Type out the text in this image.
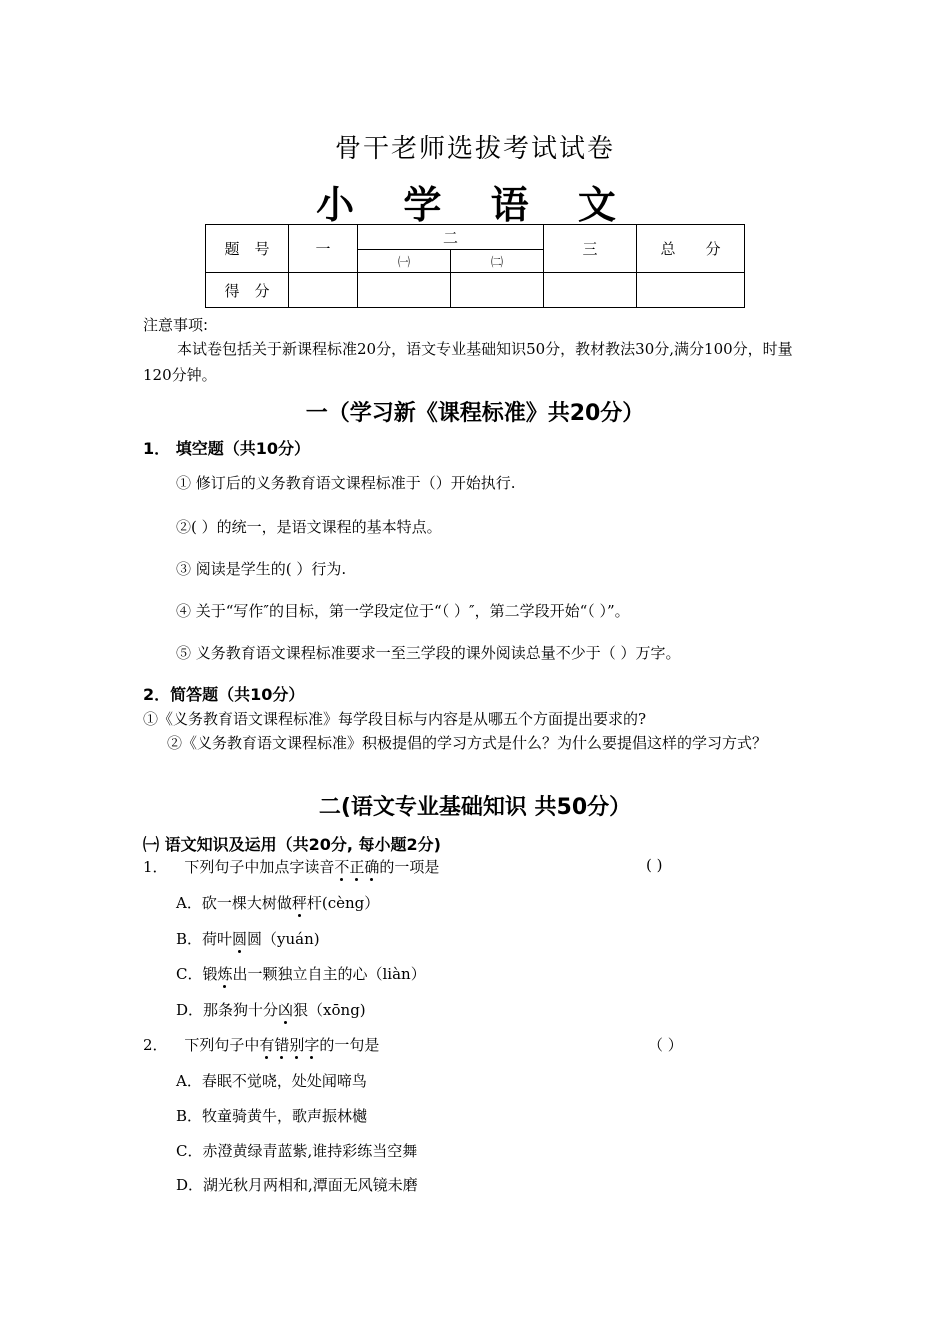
骨干老师选拔考试试卷
小 学 语 文
题　号	一	二		三	总　　分
		㈠	㈡		
得　分					
注意事项:
本试卷包括关于新课程标准20分，语文专业基础知识50分，教材教法30分,满分100分，时量120分钟。
一（学习新《课程标准》共20分）
1． 填空题（共10分）
① 修订后的义务教育语文课程标准于（）开始执行.
②( ）的统一，是语文课程的基本特点。
③ 阅读是学生的( ）行为.
④ 关于“写作″的目标，第一学段定位于“（ ）″，第二学段开始“（ ）”。
⑤ 义务教育语文课程标准要求一至三学段的课外阅读总量不少于（ ）万字。
2．简答题（共10分）
①《义务教育语文课程标准》每学段目标与内容是从哪五个方面提出要求的?
②《义务教育语文课程标准》积极提倡的学习方式是什么？为什么要提倡这样的学习方式？
二(语文专业基础知识 共50分）
㈠ 语文知识及运用（共20分, 每小题2分)
1． 下列句子中加点字读音不正确的一项是	( )
A．砍一棵大树做秤杆(cèng）
B．荷叶圆圆（yuán)
C．锻炼出一颗独立自主的心（liàn）
D．那条狗十分凶狠（xōng)
2． 下列句子中有错别字的一句是	（ ）
A．春眠不觉哓，处处闻啼鸟
B．牧童骑黄牛，歌声振林樾
C．赤澄黄绿青蓝紫,谁持彩练当空舞
D．湖光秋月两相和,潭面无风镜未磨
